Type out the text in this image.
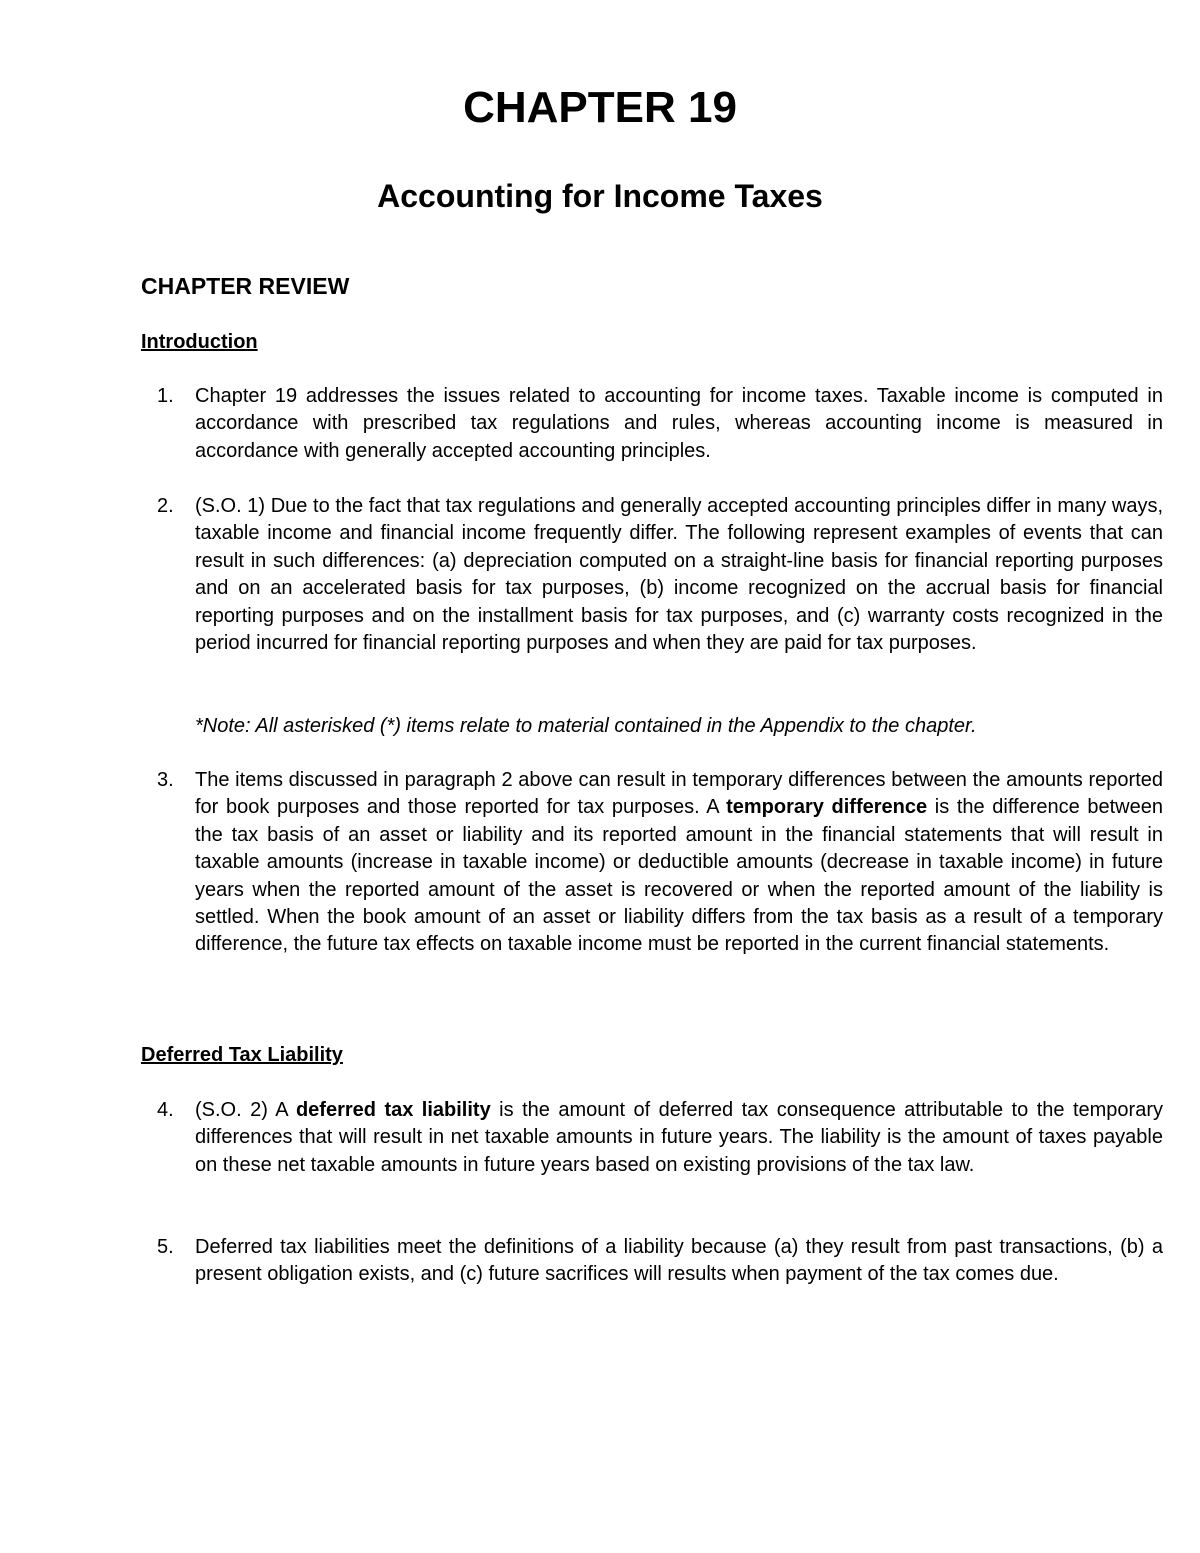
CHAPTER 19
Accounting for Income Taxes
CHAPTER REVIEW
Introduction
1.	Chapter 19 addresses the issues related to accounting for income taxes. Taxable income is computed in accordance with prescribed tax regulations and rules, whereas accounting income is measured in accordance with generally accepted accounting principles.
2.	(S.O. 1) Due to the fact that tax regulations and generally accepted accounting principles differ in many ways, taxable income and financial income frequently differ. The following represent examples of events that can result in such differences: (a) depreciation computed on a straight-line basis for financial reporting purposes and on an accelerated basis for tax purposes, (b) income recognized on the accrual basis for financial reporting purposes and on the installment basis for tax purposes, and (c) warranty costs recognized in the period incurred for financial reporting purposes and when they are paid for tax purposes.
*Note: All asterisked (*) items relate to material contained in the Appendix to the chapter.
3.	The items discussed in paragraph 2 above can result in temporary differences between the amounts reported for book purposes and those reported for tax purposes. A temporary difference is the difference between the tax basis of an asset or liability and its reported amount in the financial statements that will result in taxable amounts (increase in taxable income) or deductible amounts (decrease in taxable income) in future years when the reported amount of the asset is recovered or when the reported amount of the liability is settled. When the book amount of an asset or liability differs from the tax basis as a result of a temporary difference, the future tax effects on taxable income must be reported in the current financial statements.
Deferred Tax Liability
4.	(S.O. 2) A deferred tax liability is the amount of deferred tax consequence attributable to the temporary differences that will result in net taxable amounts in future years. The liability is the amount of taxes payable on these net taxable amounts in future years based on existing provisions of the tax law.
5.	Deferred tax liabilities meet the definitions of a liability because (a) they result from past transactions, (b) a present obligation exists, and (c) future sacrifices will results when payment of the tax comes due.
